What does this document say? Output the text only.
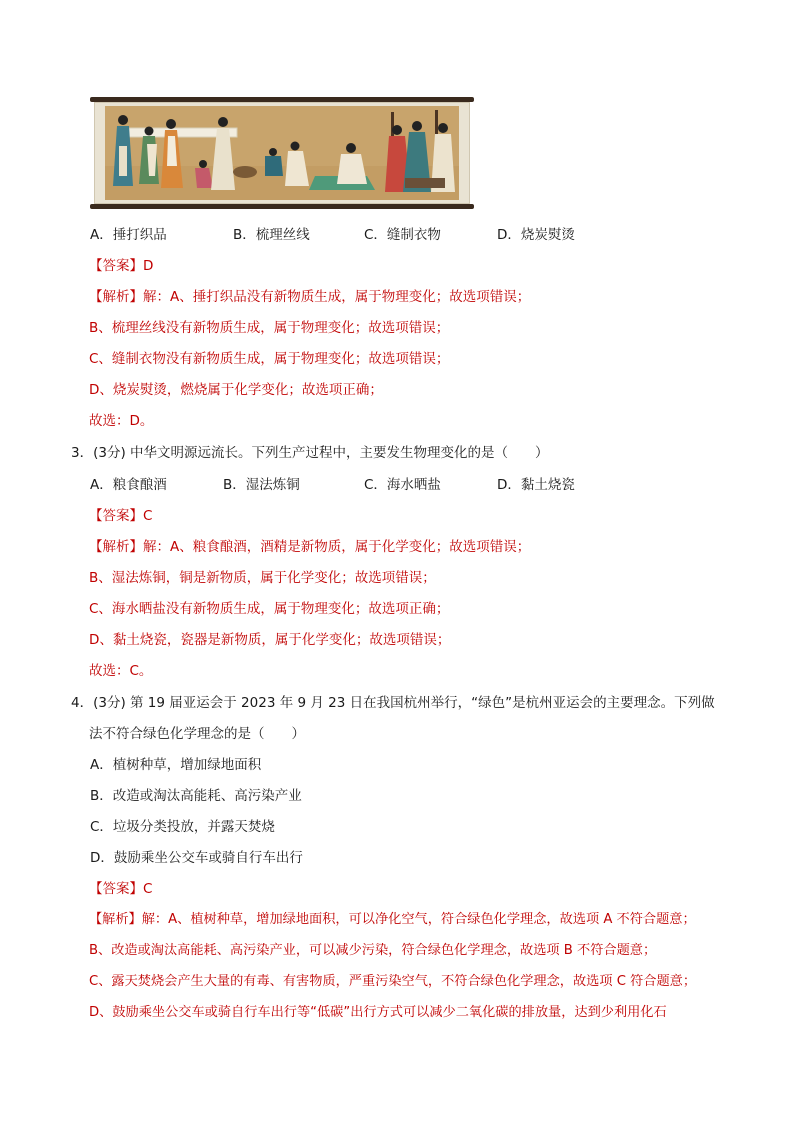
A．捶打织品	B．梳理丝线	C．缝制衣物	D．烧炭熨烫
【答案】D
【解析】解：A、捶打织品没有新物质生成，属于物理变化；故选项错误；
B、梳理丝线没有新物质生成，属于物理变化；故选项错误；
C、缝制衣物没有新物质生成，属于物理变化；故选项错误；
D、烧炭熨烫，燃烧属于化学变化；故选项正确；
故选：D。
3．(3分) 中华文明源远流长。下列生产过程中，主要发生物理变化的是（　　）
A．粮食酿酒	B．湿法炼铜	C．海水晒盐	D．黏土烧瓷
【答案】C
【解析】解：A、粮食酿酒，酒精是新物质，属于化学变化；故选项错误；
B、湿法炼铜，铜是新物质，属于化学变化；故选项错误；
C、海水晒盐没有新物质生成，属于物理变化；故选项正确；
D、黏土烧瓷，瓷器是新物质，属于化学变化；故选项错误；
故选：C。
4．(3分) 第 19 届亚运会于 2023 年 9 月 23 日在我国杭州举行，“绿色”是杭州亚运会的主要理念。下列做
法不符合绿色化学理念的是（　　）
A．植树种草，增加绿地面积
B．改造或淘汰高能耗、高污染产业
C．垃圾分类投放，并露天焚烧
D．鼓励乘坐公交车或骑自行车出行
【答案】C
【解析】解：A、植树种草，增加绿地面积，可以净化空气，符合绿色化学理念，故选项 A 不符合题意；
B、改造或淘汰高能耗、高污染产业，可以减少污染，符合绿色化学理念，故选项 B 不符合题意；
C、露天焚烧会产生大量的有毒、有害物质，严重污染空气，不符合绿色化学理念，故选项 C 符合题意；
D、鼓励乘坐公交车或骑自行车出行等“低碳”出行方式可以减少二氧化碳的排放量，达到少利用化石
